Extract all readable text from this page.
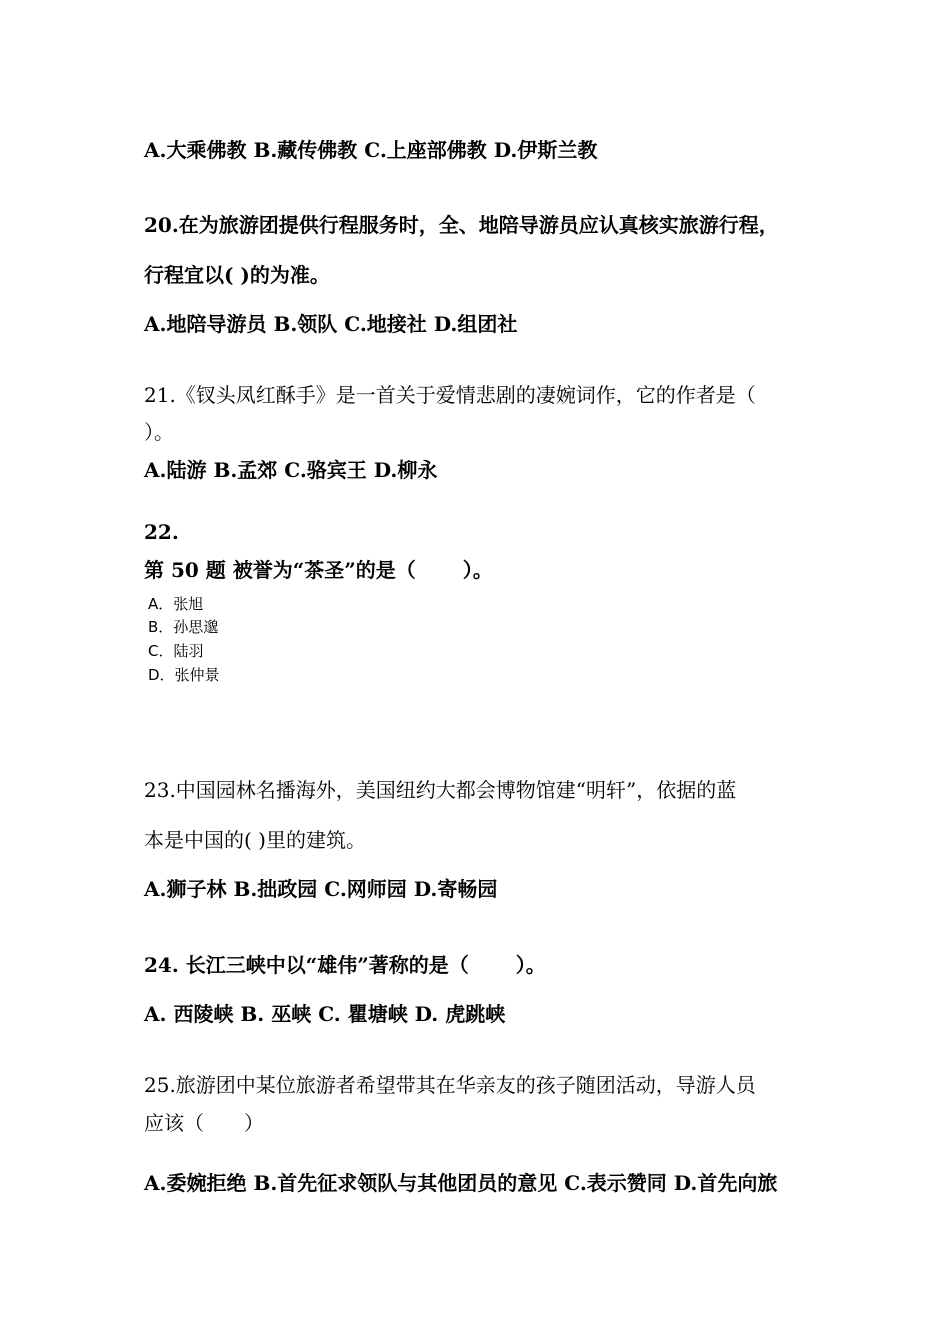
A.大乘佛教 B.藏传佛教 C.上座部佛教 D.伊斯兰教
20.在为旅游团提供行程服务时，全、地陪导游员应认真核实旅游行程，
行程宜以( )的为准。
A.地陪导游员 B.领队 C.地接社 D.组团社
21.《钗头凤红酥手》是一首关于爱情悲剧的凄婉词作，它的作者是（
）。
A.陆游 B.孟郊 C.骆宾王 D.柳永
22.
第 50 题 被誉为“茶圣”的是（　　 ）。
A．张旭
B．孙思邈
C．陆羽
D．张仲景
23.中国园林名播海外，美国纽约大都会博物馆建“明轩”，依据的蓝
本是中国的( )里的建筑。
A.狮子林 B.拙政园 C.网师园 D.寄畅园
24. 长江三峡中以“雄伟”著称的是（　　 ）。
A. 西陵峡 B. 巫峡 C. 瞿塘峡 D. 虎跳峡
25.旅游团中某位旅游者希望带其在华亲友的孩子随团活动，导游人员
应该（　　）
A.委婉拒绝 B.首先征求领队与其他团员的意见 C.表示赞同 D.首先向旅
